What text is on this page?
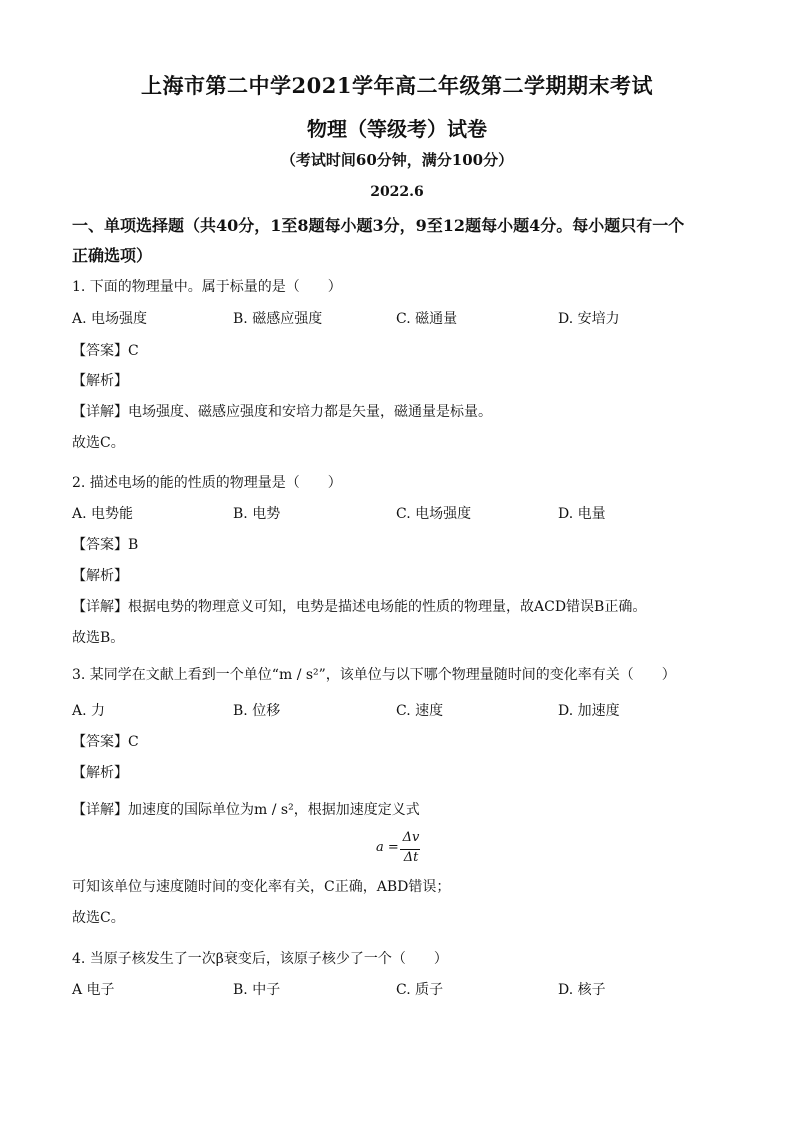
上海市第二中学2021学年高二年级第二学期期末考试
物理（等级考）试卷
（考试时间60分钟，满分100分）
2022.6
一、单项选择题（共40分，1至8题每小题3分，9至12题每小题4分。每小题只有一个
正确选项）
1. 下面的物理量中。属于标量的是（　　）
A. 电场强度	B. 磁感应强度	C. 磁通量	D. 安培力
【答案】C
【解析】
【详解】电场强度、磁感应强度和安培力都是矢量，磁通量是标量。
故选C。
2. 描述电场的能的性质的物理量是（　　）
A. 电势能	B. 电势	C. 电场强度	D. 电量
【答案】B
【解析】
【详解】根据电势的物理意义可知，电势是描述电场能的性质的物理量，故ACD错误B正确。
故选B。
3. 某同学在文献上看到一个单位“m / s²”，该单位与以下哪个物理量随时间的变化率有关（　　）
A. 力	B. 位移	C. 速度	D. 加速度
【答案】C
【解析】
【详解】加速度的国际单位为m / s²，根据加速度定义式
a =
Δv
Δt
可知该单位与速度随时间的变化率有关，C正确，ABD错误；
故选C。
4. 当原子核发生了一次β衰变后，该原子核少了一个（　　）
A 电子	B. 中子	C. 质子	D. 核子
